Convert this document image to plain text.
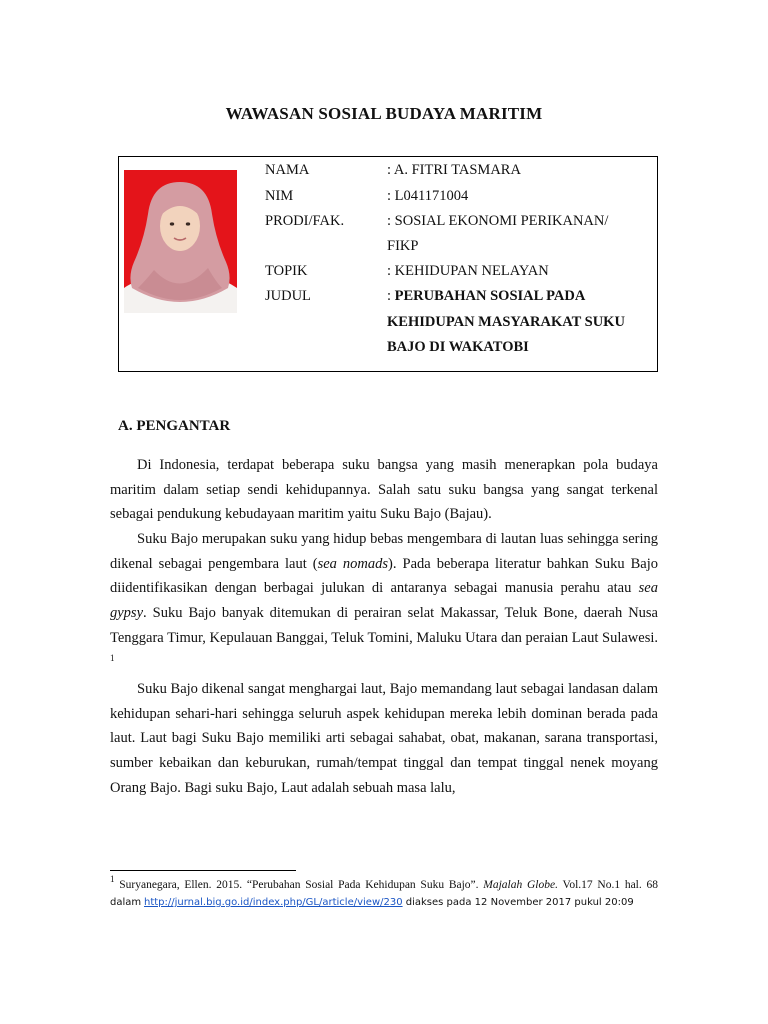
WAWASAN SOSIAL BUDAYA MARITIM
NAMA	: A. FITRI TASMARA
NIM	: L041171004
PRODI/FAK.	: SOSIAL EKONOMI PERIKANAN/
FIKP
TOPIK	: KEHIDUPAN NELAYAN
JUDUL	: PERUBAHAN SOSIAL PADA
KEHIDUPAN MASYARAKAT SUKU
BAJO DI WAKATOBI
A. PENGANTAR

Di Indonesia, terdapat beberapa suku bangsa yang masih menerapkan pola budaya maritim dalam setiap sendi kehidupannya. Salah satu suku bangsa yang sangat terkenal sebagai pendukung kebudayaan maritim yaitu Suku Bajo (Bajau).

Suku Bajo merupakan suku yang hidup bebas mengembara di lautan luas sehingga sering dikenal sebagai pengembara laut (sea nomads). Pada beberapa literatur bahkan Suku Bajo diidentifikasikan dengan berbagai julukan di antaranya sebagai manusia perahu atau sea gypsy. Suku Bajo banyak ditemukan di perairan selat Makassar, Teluk Bone, daerah Nusa Tenggara Timur, Kepulauan Banggai, Teluk Tomini, Maluku Utara dan peraian Laut Sulawesi. $^1$

Suku Bajo dikenal sangat menghargai laut, Bajo memandang laut sebagai landasan dalam kehidupan sehari-hari sehingga seluruh aspek kehidupan mereka lebih dominan berada pada laut. Laut bagi Suku Bajo memiliki arti sebagai sahabat, obat, makanan, sarana transportasi, sumber kebaikan dan keburukan, rumah/tempat tinggal dan tempat tinggal nenek moyang Orang Bajo. Bagi suku Bajo, Laut adalah sebuah masa lalu,

$^1$ Suryanegara, Ellen. 2015. “Perubahan Sosial Pada Kehidupan Suku Bajo”. Majalah Globe. Vol.17 No.1 hal. 68 dalam http://jurnal.big.go.id/index.php/GL/article/view/230 diakses pada 12 November 2017 pukul 20:09
